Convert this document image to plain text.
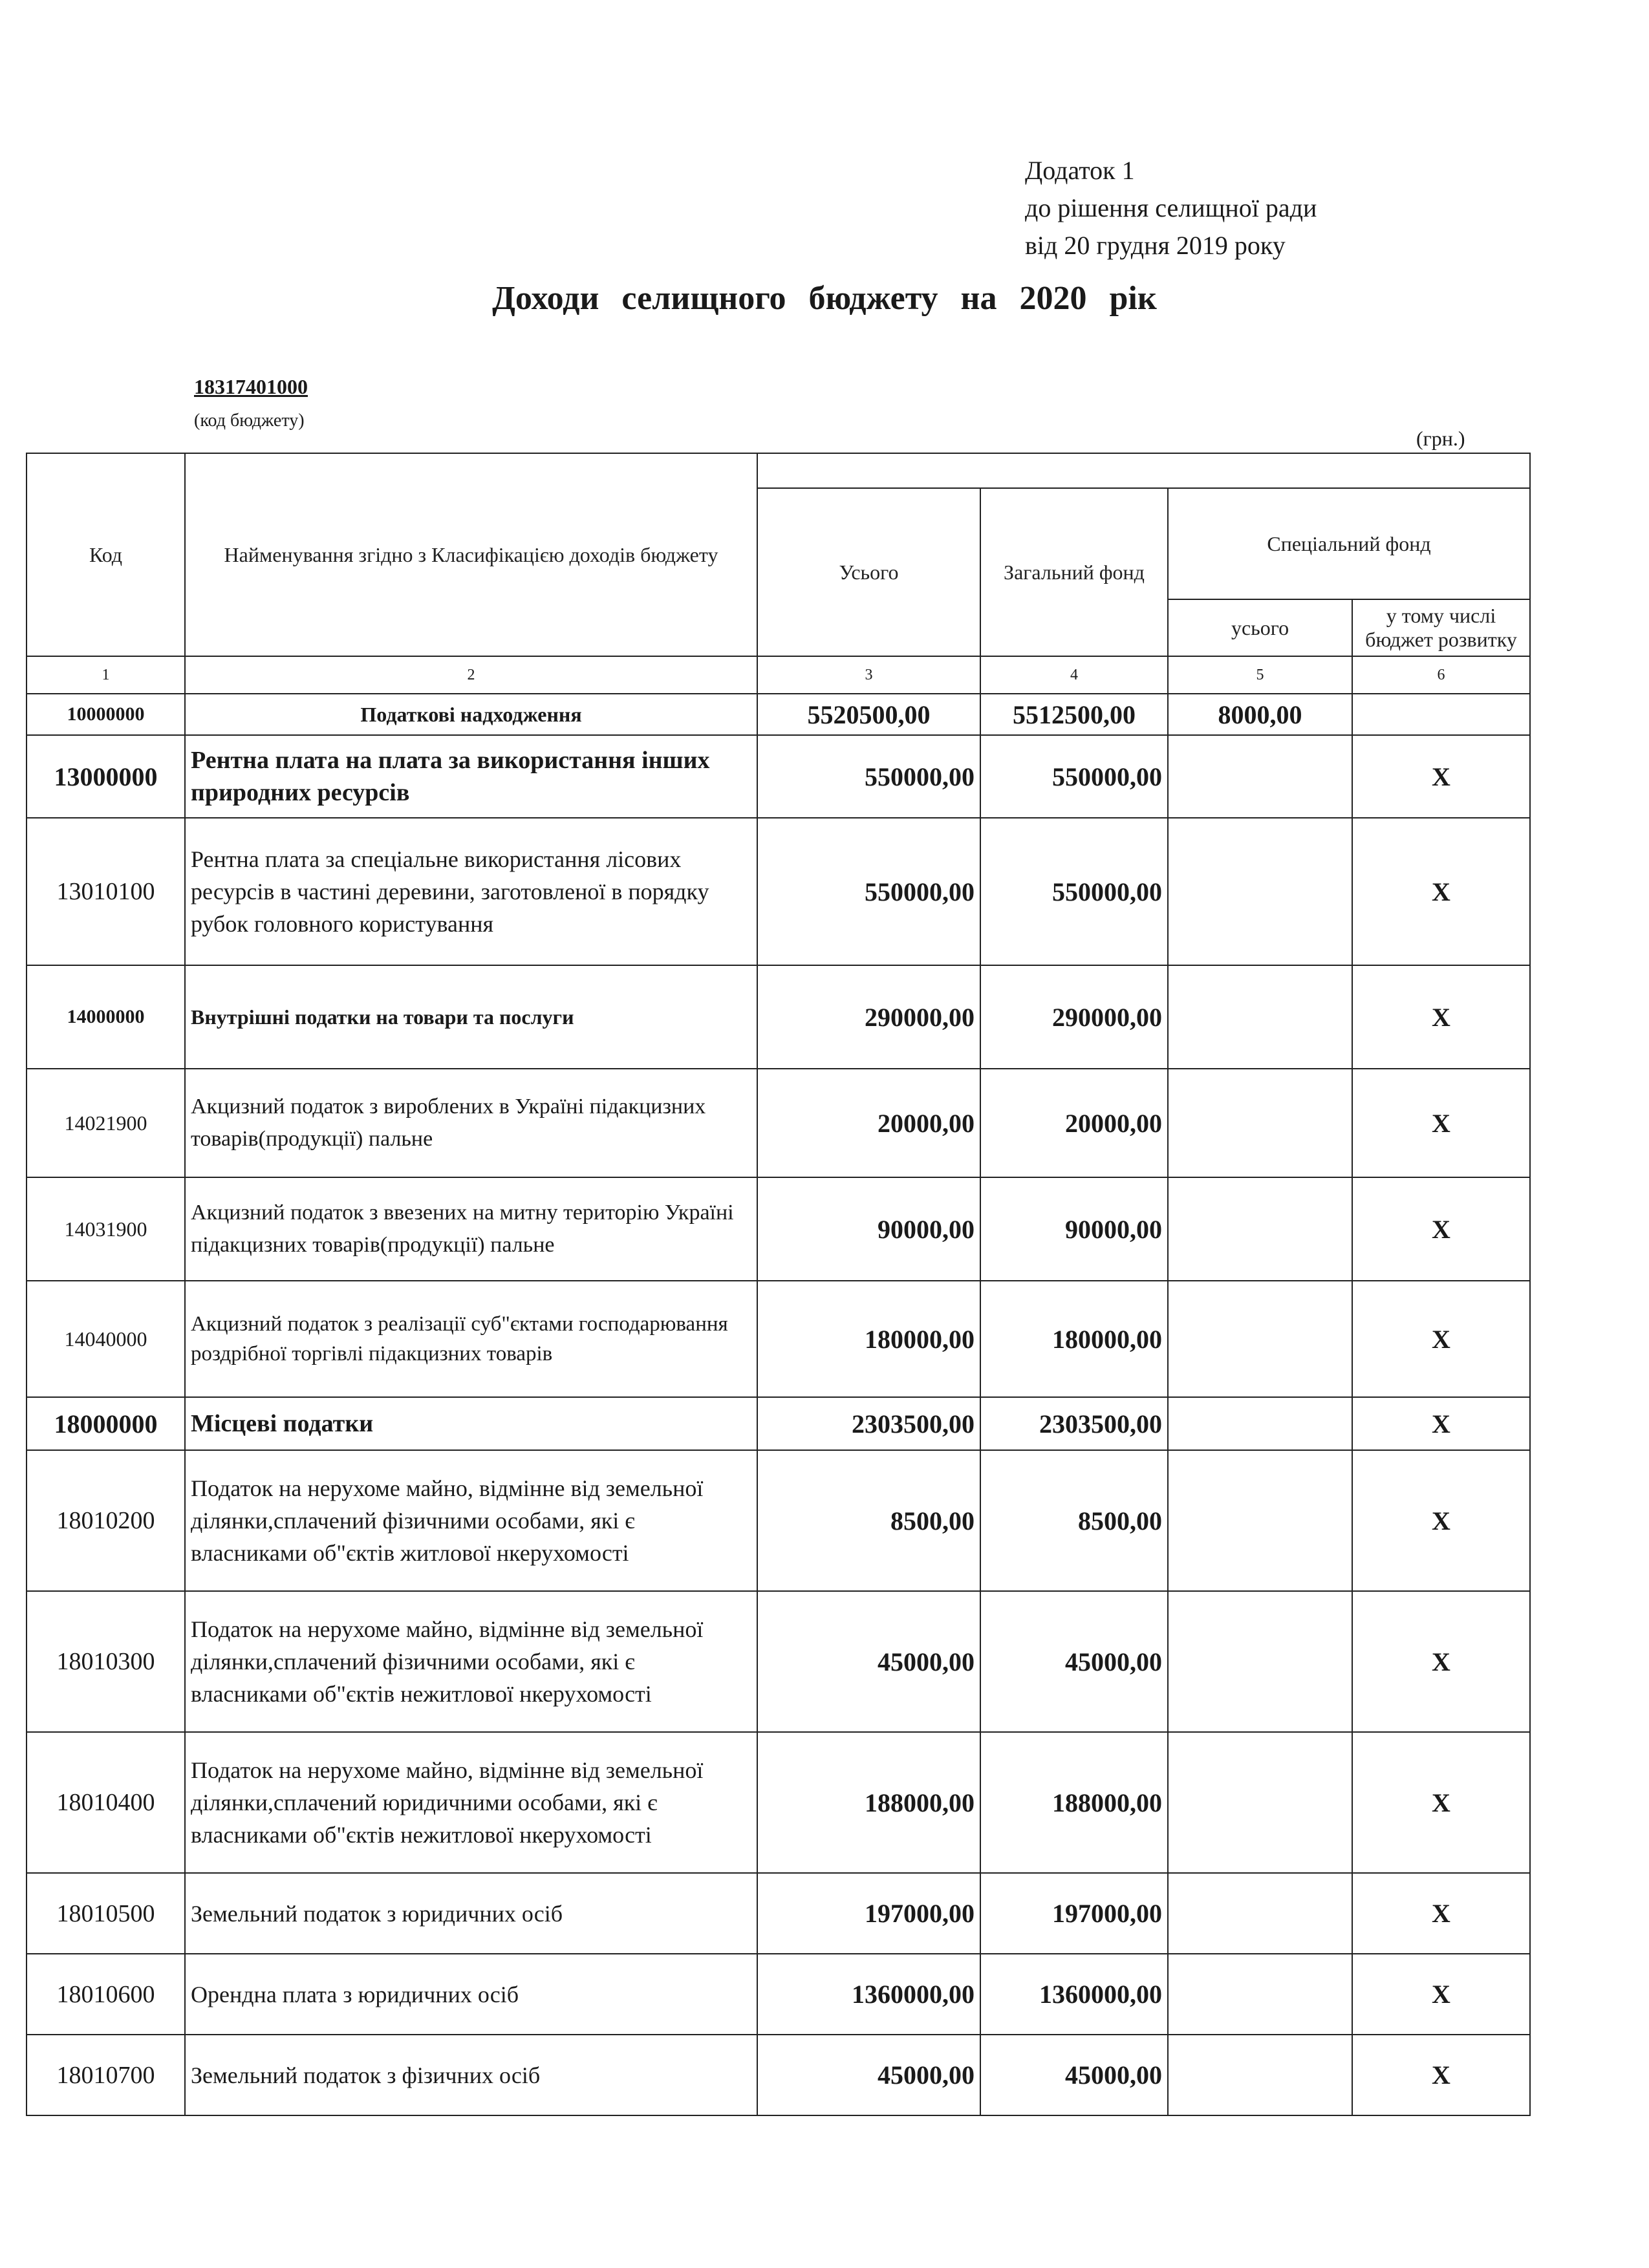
Додаток 1
до рішення селищної ради
від 20 грудня 2019 року
Доходи селищного бюджету на 2020 рік
18317401000
(код бюджету)
(грн.)
Код	Найменування згідно з Класифікацією доходів бюджету				
		Усього	Загальний фонд	Спеціальний фонд	
				усього	у тому числі бюджет розвитку
1	2	3	4	5	6
10000000	Податкові надходження	5520500,00	5512500,00	8000,00	
13000000	Рентна плата на плата за використання інших природних ресурсів	550000,00	550000,00		X
13010100	Рентна плата за спеціальне використання лісових ресурсів в частині деревини, заготовленої в порядку рубок головного користування	550000,00	550000,00		X
14000000	Внутрішні податки на товари та послуги	290000,00	290000,00		X
14021900	Акцизний податок з вироблених в Україні підакцизних товарів(продукції) пальне	20000,00	20000,00		X
14031900	Акцизний податок з ввезених на митну територію Україні підакцизних товарів(продукції) пальне	90000,00	90000,00		X
14040000	Акцизний податок з реалізації суб"єктами господарювання роздрібної торгівлі підакцизних товарів	180000,00	180000,00		X
18000000	Місцеві податки	2303500,00	2303500,00		X
18010200	Податок на нерухоме майно, відмінне від земельної ділянки,сплачений фізичними особами, які є власниками об"єктів житлової нкерухомості	8500,00	8500,00		X
18010300	Податок на нерухоме майно, відмінне від земельної ділянки,сплачений фізичними особами, які є власниками об"єктів нежитлової нкерухомості	45000,00	45000,00		X
18010400	Податок на нерухоме майно, відмінне від земельної ділянки,сплачений юридичними особами, які є власниками об"єктів нежитлової нкерухомості	188000,00	188000,00		X
18010500	Земельний податок з юридичних осіб	197000,00	197000,00		X
18010600	Орендна плата з юридичних осіб	1360000,00	1360000,00		X
18010700	Земельний податок з фізичних осіб	45000,00	45000,00		X
